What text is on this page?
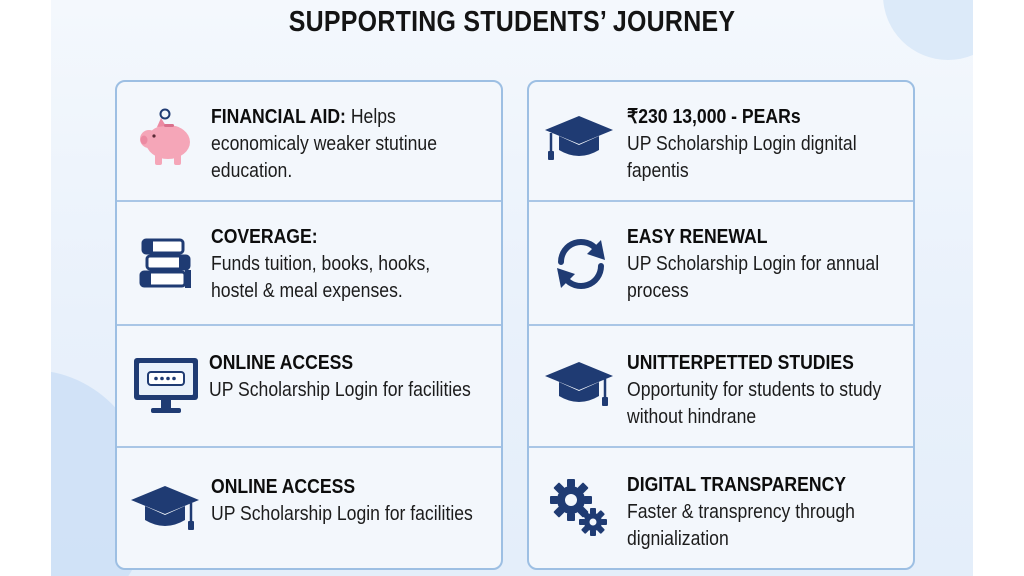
SUPPORTING STUDENTS’ JOURNEY
FINANCIAL AID: Helps
economicaly weaker stutinue
education.
COVERAGE:
Funds tuition, books, hooks,
hostel & meal expenses.
ONLINE ACCESS
UP Scholarship Login for facilities
ONLINE ACCESS
UP Scholarship Login for facilities
₹230 13,000 - PEARs
UP Scholarship Login dignital
fapentis
EASY RENEWAL
UP Scholarship Login for annual
process
UNITTERPETTED STUDIES
Opportunity for students to study
without hindrane
DIGITAL TRANSPARENCY
Faster & transprency through
dignialization
